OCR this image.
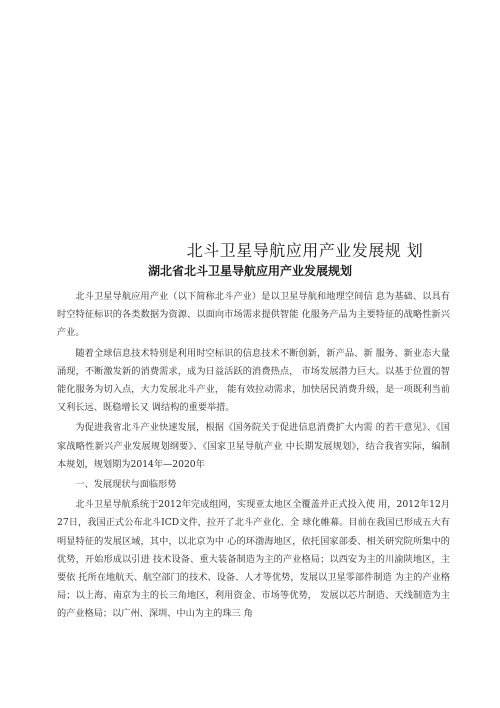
北斗卫星导航应用产业发展规 划
湖北省北斗卫星导航应用产业发展规划

北斗卫星导航应用产业（以下简称北斗产业）是以卫星导航和地理空间信 息为基础、以具有时空特征标识的各类数据为资源、以面向市场需求提供智能 化服务产品为主要特征的战略性新兴产业。

随着全球信息技术特别是利用时空标识的信息技术不断创新，新产品、新 服务、新业态大量涌现，不断激发新的消费需求，成为日益活跃的消费热点， 市场发展潜力巨大。以基于位置的智能化服务为切入点，大力发展北斗产业， 能有效拉动需求，加快居民消费升级，是一项既利当前又利长远、既稳增长又 调结构的重要举措。

为促进我省北斗产业快速发展，根据《国务院关于促进信息消费扩大内需 的若干意见》、《国家战略性新兴产业发展规划纲要》、《国家卫星导航产业 中长期发展规划》，结合我省实际，编制本规划，规划期为2014年—2020年

一、发展现状与面临形势

北斗卫星导航系统于2012年完成组网，实现亚太地区全覆盖并正式投入使 用，2012年12月27日，我国正式公布北斗ICD文件，拉开了北斗产业化、全 球化帷幕。目前在我国已形成五大有明显特征的发展区域，其中，以北京为中 心的环渤海地区，依托国家部委、相关研究院所集中的优势，开始形成以引进 技术设备、重大装备制造为主的产业格局；以西安为主的川渝陕地区，主要依 托所在地航天、航空部门的技术、设备、人才等优势，发展以卫星零部件制造 为主的产业格局；以上海、南京为主的长三角地区，利用资金、市场等优势， 发展以芯片制造、天线制造为主的产业格局；以广州、深圳、中山为主的珠三 角
